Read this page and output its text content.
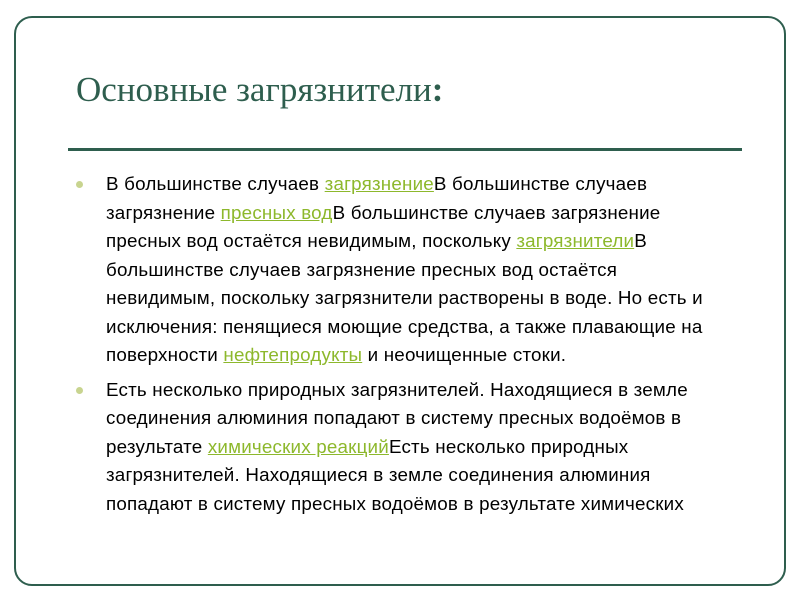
Основные загрязнители:
В большинстве случаев загрязнениеВ большинстве случаев загрязнение пресных водВ большинстве случаев загрязнение пресных вод остаётся невидимым, поскольку загрязнителиВ большинстве случаев загрязнение пресных вод остаётся невидимым, поскольку загрязнители растворены в воде. Но есть и исключения: пенящиеся моющие средства, а также плавающие на поверхности нефтепродукты и неочищенные стоки.
Есть несколько природных загрязнителей. Находящиеся в земле соединения алюминия попадают в систему пресных водоёмов в результате химических реакцийЕсть несколько природных загрязнителей. Находящиеся в земле соединения алюминия попадают в систему пресных водоёмов в результате химических
